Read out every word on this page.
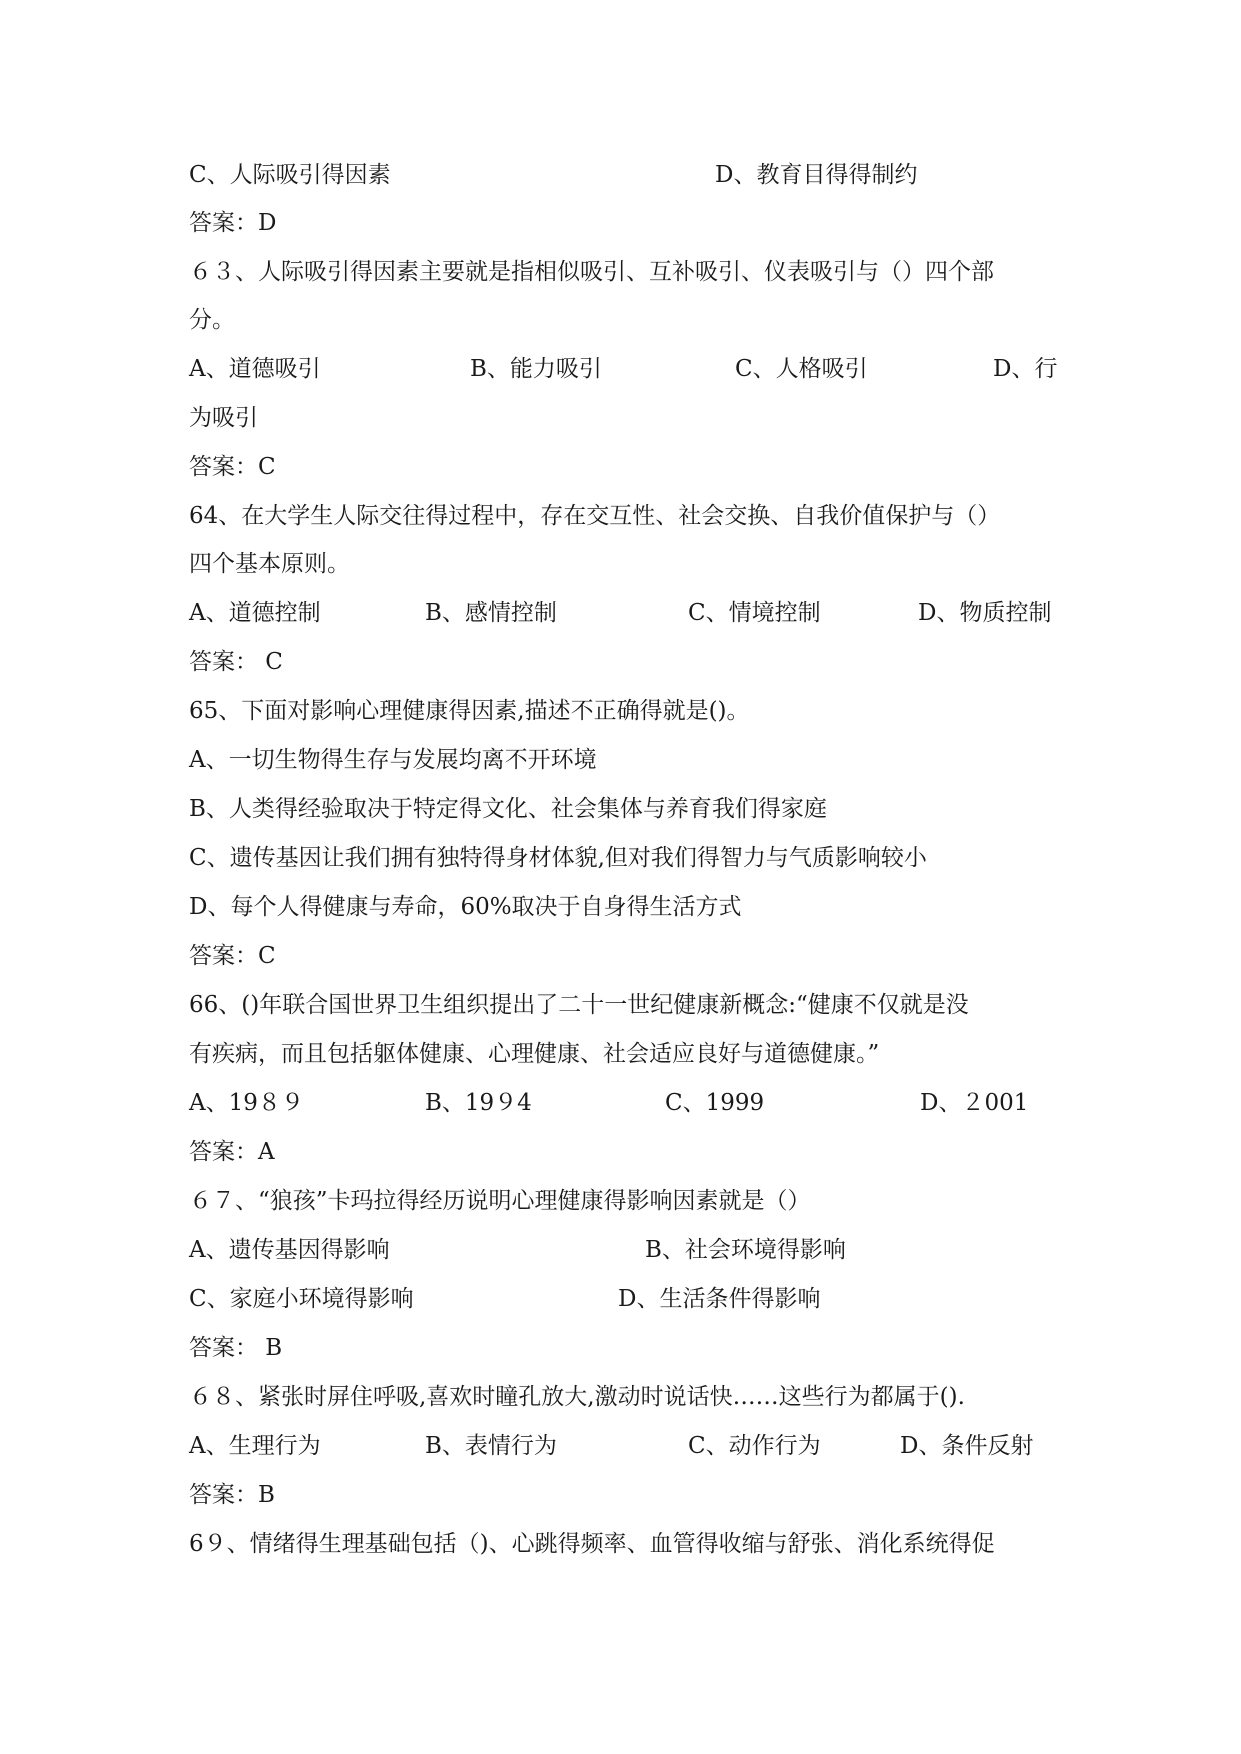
C、人际吸引得因素	D、教育目得得制约
答案：D
６３、人际吸引得因素主要就是指相似吸引、互补吸引、仪表吸引与（）四个部
分。
A、道德吸引	B、能力吸引	C、人格吸引	D、行
为吸引
答案：C
64、在大学生人际交往得过程中，存在交互性、社会交换、自我价值保护与（）
四个基本原则。
A、道德控制	B、感情控制	C、情境控制	D、物质控制
答案： C
65、下面对影响心理健康得因素,描述不正确得就是()。
A、一切生物得生存与发展均离不开环境
B、人类得经验取决于特定得文化、社会集体与养育我们得家庭
C、遗传基因让我们拥有独特得身材体貌,但对我们得智力与气质影响较小
D、每个人得健康与寿命，60%取决于自身得生活方式
答案：C
66、()年联合国世界卫生组织提出了二十一世纪健康新概念:“健康不仅就是没
有疾病，而且包括躯体健康、心理健康、社会适应良好与道德健康。”
A、19８９	B、19９4	C、1999	D、２001
答案：A
６７、“狼孩”卡玛拉得经历说明心理健康得影响因素就是（）
A、遗传基因得影响	B、社会环境得影响
C、家庭小环境得影响	D、生活条件得影响
答案： B
６８、紧张时屏住呼吸,喜欢时瞳孔放大,激动时说话快……这些行为都属于().
A、生理行为	B、表情行为	C、动作行为	D、条件反射
答案：B
6９、情绪得生理基础包括（)、心跳得频率、血管得收缩与舒张、消化系统得促
